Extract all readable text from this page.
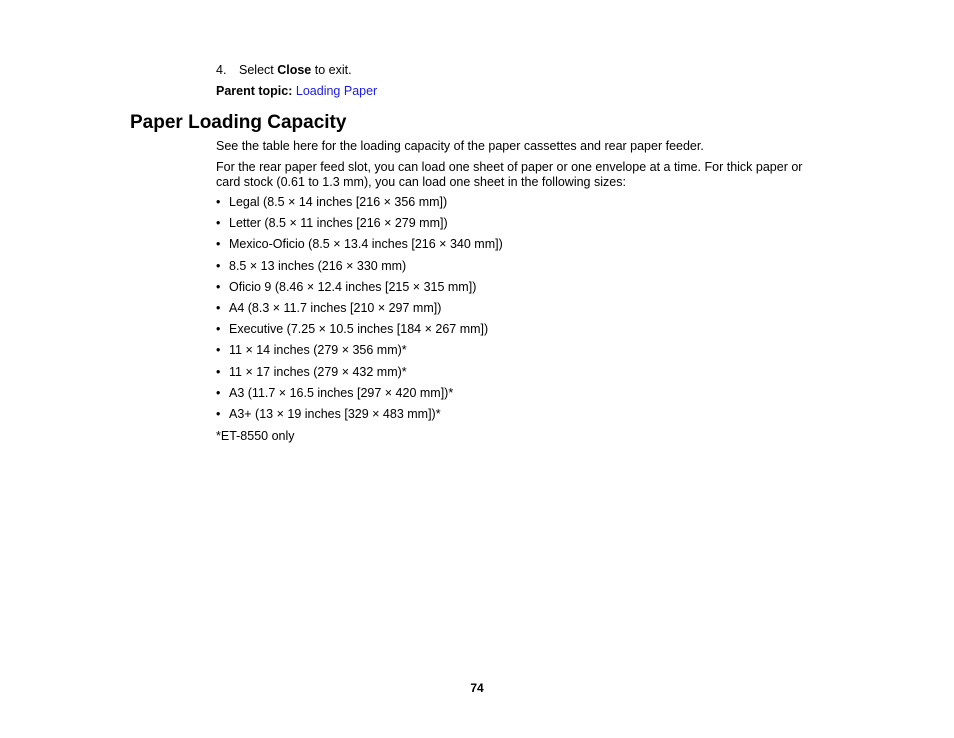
4. Select Close to exit.
Parent topic: Loading Paper
Paper Loading Capacity

See the table here for the loading capacity of the paper cassettes and rear paper feeder.

For the rear paper feed slot, you can load one sheet of paper or one envelope at a time. For thick paper or card stock (0.61 to 1.3 mm), you can load one sheet in the following sizes:

• Legal (8.5 × 14 inches [216 × 356 mm])
• Letter (8.5 × 11 inches [216 × 279 mm])
• Mexico-Oficio (8.5 × 13.4 inches [216 × 340 mm])
• 8.5 × 13 inches (216 × 330 mm)
• Oficio 9 (8.46 × 12.4 inches [215 × 315 mm])
• A4 (8.3 × 11.7 inches [210 × 297 mm])
• Executive (7.25 × 10.5 inches [184 × 267 mm])
• 11 × 14 inches (279 × 356 mm)*
• 11 × 17 inches (279 × 432 mm)*
• A3 (11.7 × 16.5 inches [297 × 420 mm])*
• A3+ (13 × 19 inches [329 × 483 mm])*
*ET-8550 only
74
